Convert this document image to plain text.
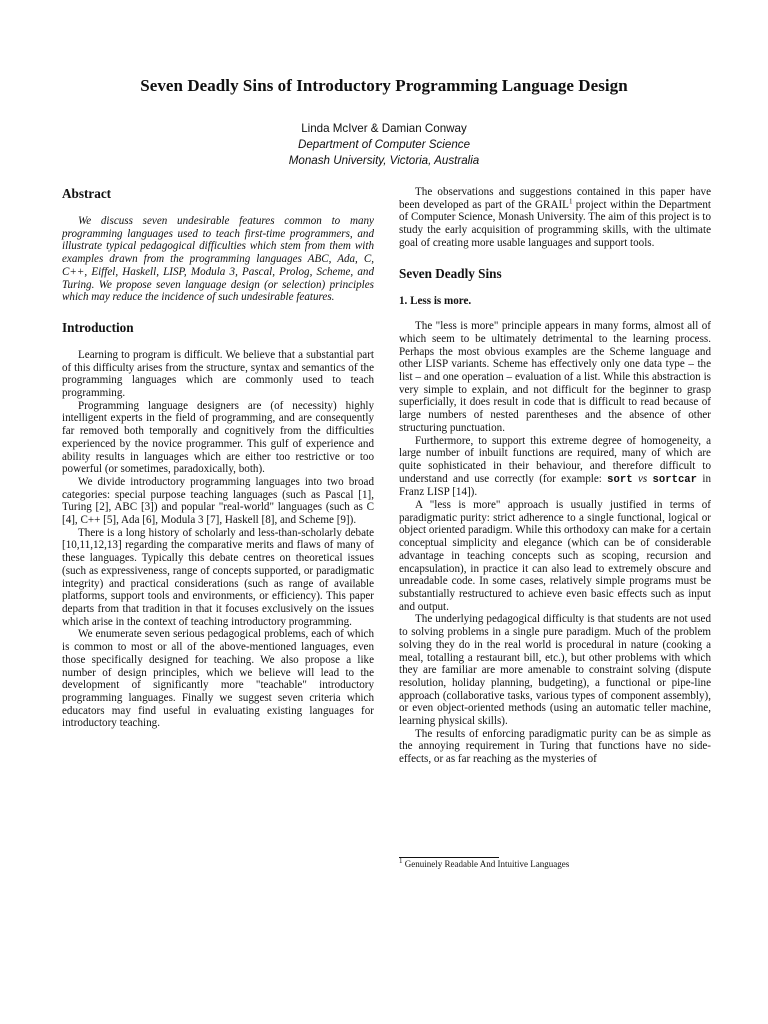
Seven Deadly Sins of Introductory Programming Language Design
Linda McIver & Damian Conway
Department of Computer Science
Monash University, Victoria, Australia
Abstract

We discuss seven undesirable features common to many programming languages used to teach first-time programmers, and illustrate typical pedagogical difficulties which stem from them with examples drawn from the programming languages ABC, Ada, C, C++, Eiffel, Haskell, LISP, Modula 3, Pascal, Prolog, Scheme, and Turing. We propose seven language design (or selection) principles which may reduce the incidence of such undesirable features.

Introduction

Learning to program is difficult. We believe that a substantial part of this difficulty arises from the structure, syntax and semantics of the programming languages which are commonly used to teach programming.

Programming language designers are (of necessity) highly intelligent experts in the field of programming, and are consequently far removed both temporally and cognitively from the difficulties experienced by the novice programmer. This gulf of experience and ability results in languages which are either too restrictive or too powerful (or sometimes, paradoxically, both).

We divide introductory programming languages into two broad categories: special purpose teaching languages (such as Pascal [1], Turing [2], ABC [3]) and popular "real-world" languages (such as C [4], C++ [5], Ada [6], Modula 3 [7], Haskell [8], and Scheme [9]).

There is a long history of scholarly and less-than-scholarly debate [10,11,12,13] regarding the comparative merits and flaws of many of these languages. Typically this debate centres on theoretical issues (such as expressiveness, range of concepts supported, or paradigmatic integrity) and practical considerations (such as range of available platforms, support tools and environments, or efficiency). This paper departs from that tradition in that it focuses exclusively on the issues which arise in the context of teaching introductory programming.

We enumerate seven serious pedagogical problems, each of which is common to most or all of the above-mentioned languages, even those specifically designed for teaching. We also propose a like number of design principles, which we believe will lead to the development of significantly more "teachable" introductory programming languages. Finally we suggest seven criteria which educators may find useful in evaluating existing languages for introductory teaching.

The observations and suggestions contained in this paper have been developed as part of the GRAIL$^1$ project within the Department of Computer Science, Monash University. The aim of this project is to study the early acquisition of programming skills, with the ultimate goal of creating more usable languages and support tools.

Seven Deadly Sins
1. Less is more.

The "less is more" principle appears in many forms, almost all of which seem to be ultimately detrimental to the learning process. Perhaps the most obvious examples are the Scheme language and other LISP variants. Scheme has effectively only one data type – the list – and one operation – evaluation of a list. While this abstraction is very simple to explain, and not difficult for the beginner to grasp superficially, it does result in code that is difficult to read because of large numbers of nested parentheses and the absence of other structuring punctuation.

Furthermore, to support this extreme degree of homogeneity, a large number of inbuilt functions are required, many of which are quite sophisticated in their behaviour, and therefore difficult to understand and use correctly (for example: sort vs sortcar in Franz LISP [14]).

A "less is more" approach is usually justified in terms of paradigmatic purity: strict adherence to a single functional, logical or object oriented paradigm. While this orthodoxy can make for a certain conceptual simplicity and elegance (which can be of considerable advantage in teaching concepts such as scoping, recursion and encapsulation), in practice it can also lead to extremely obscure and unreadable code. In some cases, relatively simple programs must be substantially restructured to achieve even basic effects such as input and output.

The underlying pedagogical difficulty is that students are not used to solving problems in a single pure paradigm. Much of the problem solving they do in the real world is procedural in nature (cooking a meal, totalling a restaurant bill, etc.), but other problems with which they are familiar are more amenable to constraint solving (dispute resolution, holiday planning, budgeting), a functional or pipe-line approach (collaborative tasks, various types of component assembly), or even object-oriented methods (using an automatic teller machine, learning physical skills).

The results of enforcing paradigmatic purity can be as simple as the annoying requirement in Turing that functions have no side-effects, or as far reaching as the mysteries of

$^1$ Genuinely Readable And Intuitive Languages
